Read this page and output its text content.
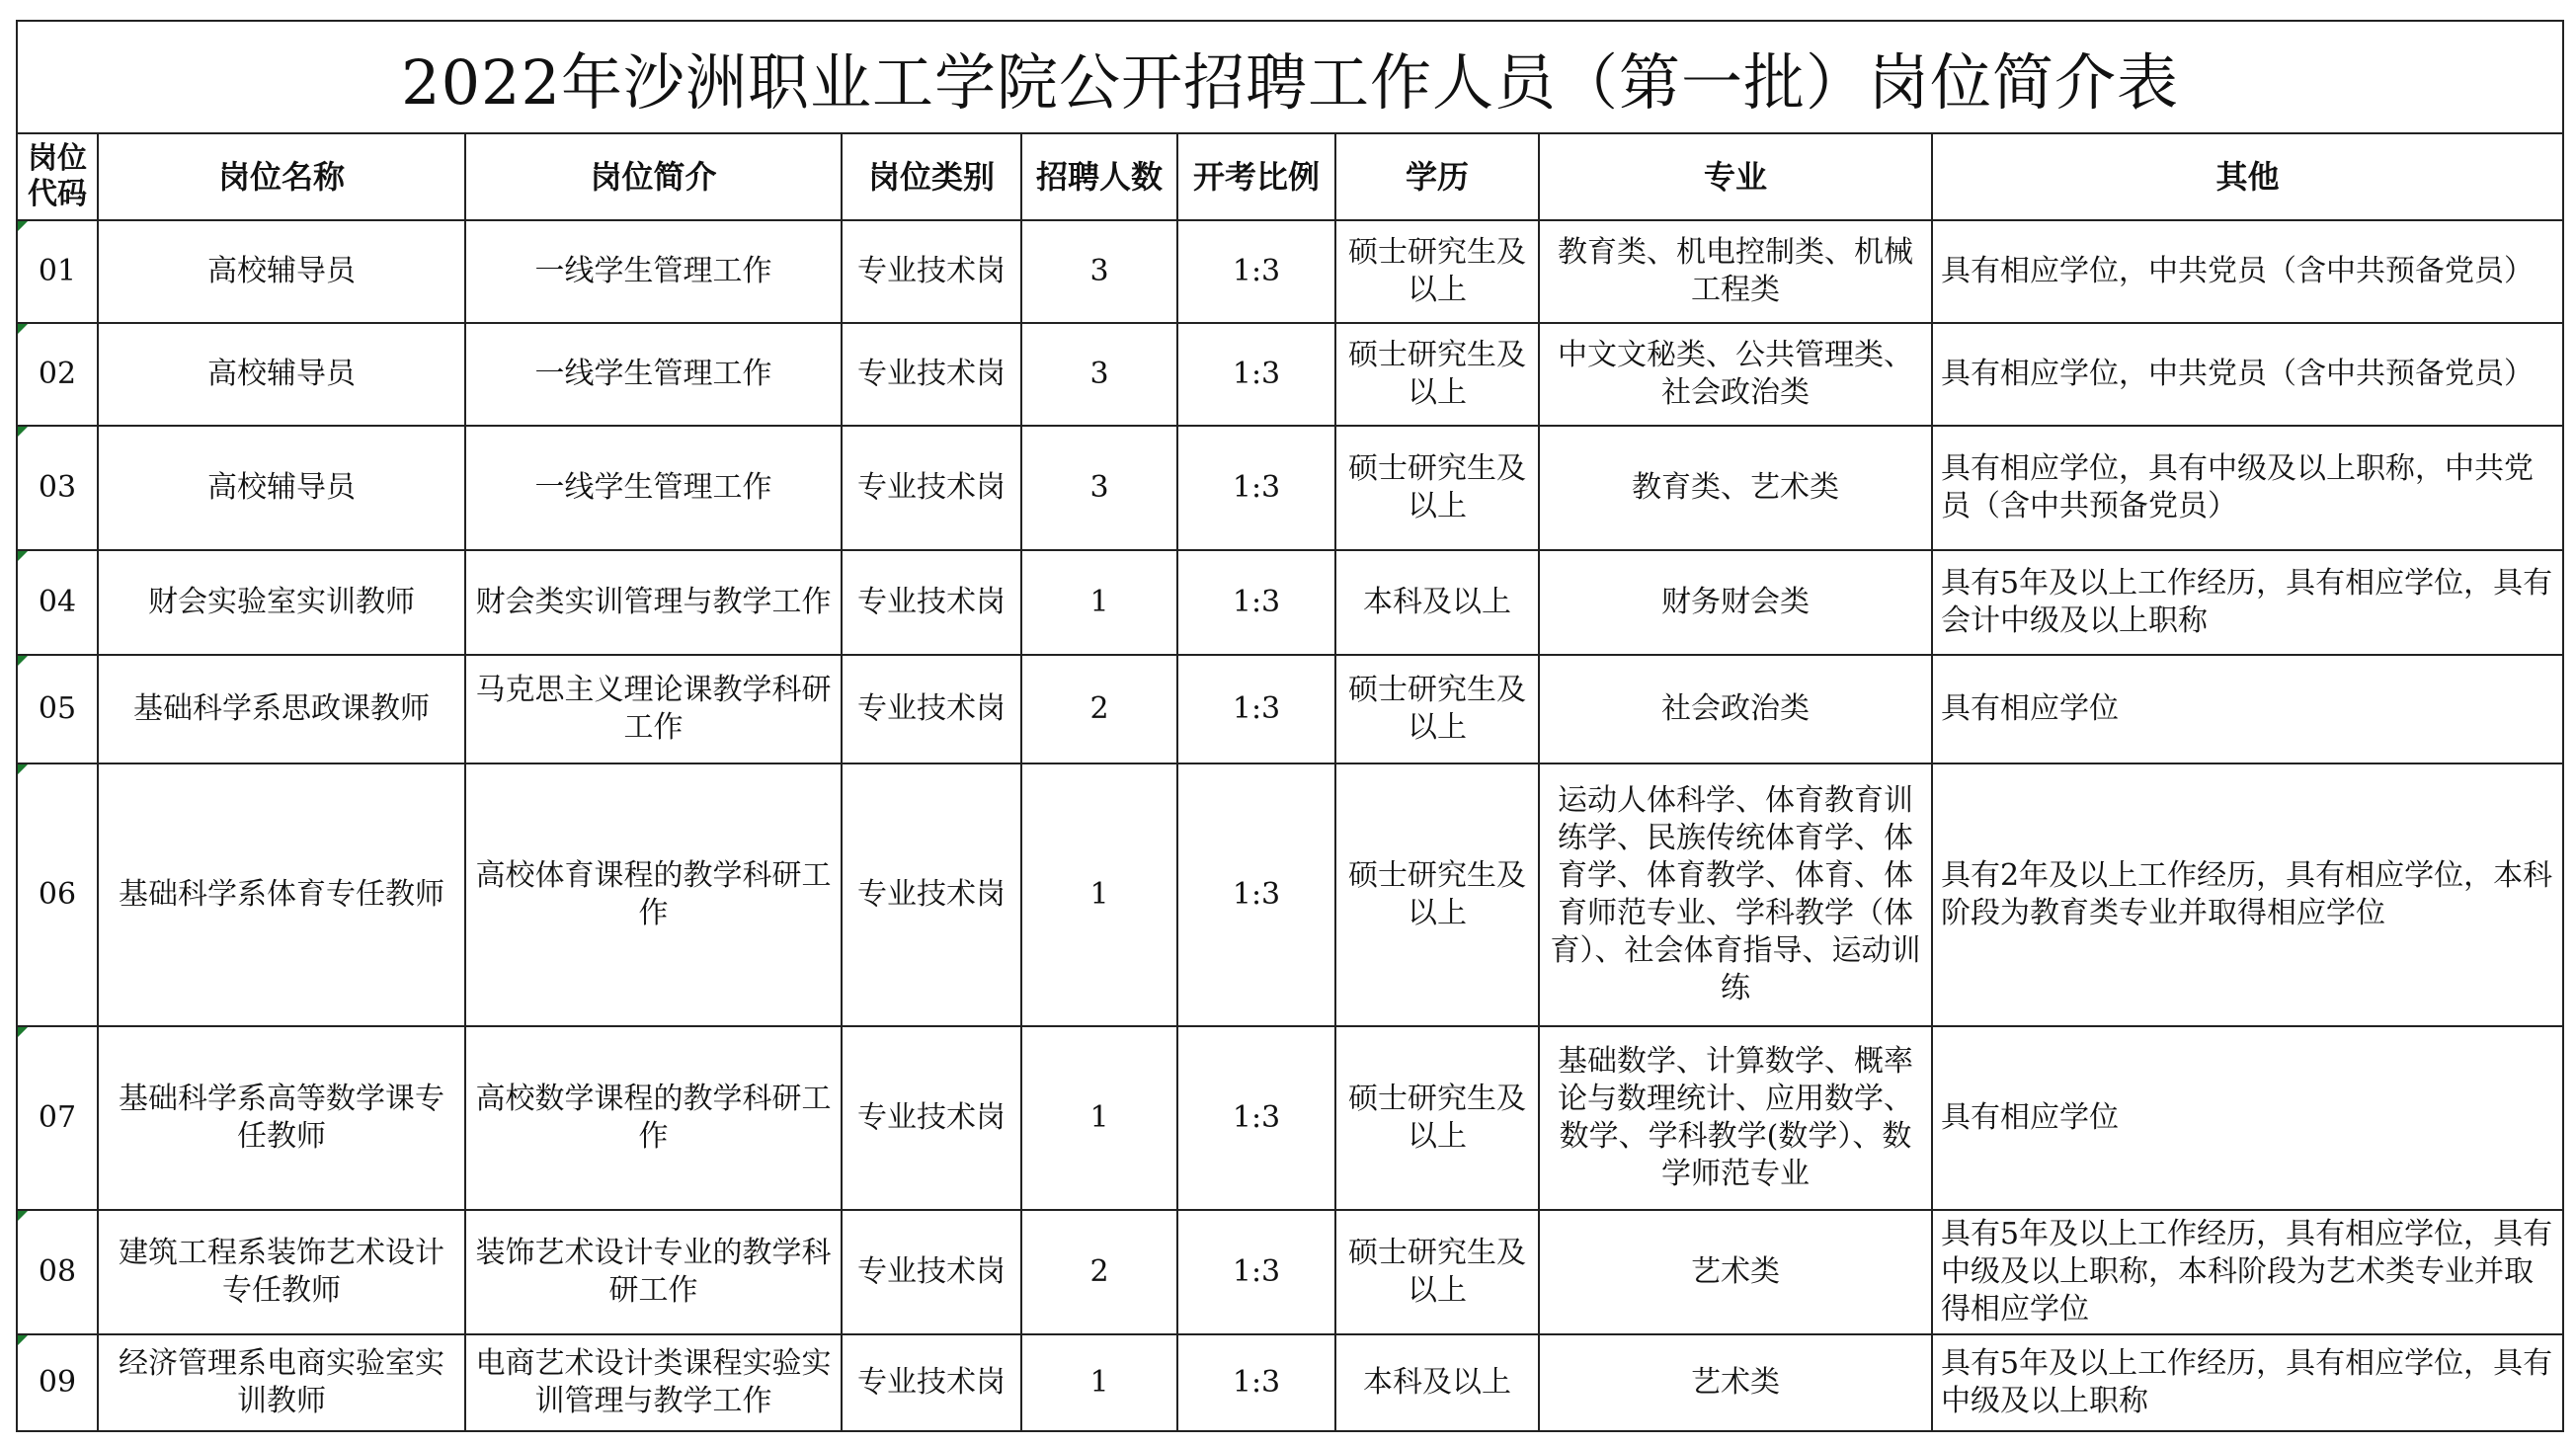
2022年沙洲职业工学院公开招聘工作人员（第一批）岗位简介表								
岗位代码	岗位名称	岗位简介	岗位类别	招聘人数	开考比例	学历	专业	其他
01	高校辅导员	一线学生管理工作	专业技术岗	3	1:3	硕士研究生及以上	教育类、机电控制类、机械工程类	具有相应学位，中共党员（含中共预备党员）
02	高校辅导员	一线学生管理工作	专业技术岗	3	1:3	硕士研究生及以上	中文文秘类、公共管理类、社会政治类	具有相应学位，中共党员（含中共预备党员）
03	高校辅导员	一线学生管理工作	专业技术岗	3	1:3	硕士研究生及以上	教育类、艺术类	具有相应学位，具有中级及以上职称，中共党员（含中共预备党员）
04	财会实验室实训教师	财会类实训管理与教学工作	专业技术岗	1	1:3	本科及以上	财务财会类	具有5年及以上工作经历，具有相应学位，具有会计中级及以上职称
05	基础科学系思政课教师	马克思主义理论课教学科研工作	专业技术岗	2	1:3	硕士研究生及以上	社会政治类	具有相应学位
06	基础科学系体育专任教师	高校体育课程的教学科研工作	专业技术岗	1	1:3	硕士研究生及以上	运动人体科学、体育教育训练学、民族传统体育学、体育学、体育教学、体育、体育师范专业、学科教学（体育）、社会体育指导、运动训练	具有2年及以上工作经历，具有相应学位，本科阶段为教育类专业并取得相应学位
07	基础科学系高等数学课专任教师	高校数学课程的教学科研工作	专业技术岗	1	1:3	硕士研究生及以上	基础数学、计算数学、概率论与数理统计、应用数学、数学、学科教学(数学）、数学师范专业	具有相应学位
08	建筑工程系装饰艺术设计专任教师	装饰艺术设计专业的教学科研工作	专业技术岗	2	1:3	硕士研究生及以上	艺术类	具有5年及以上工作经历，具有相应学位，具有中级及以上职称，本科阶段为艺术类专业并取得相应学位
09	经济管理系电商实验室实训教师	电商艺术设计类课程实验实训管理与教学工作	专业技术岗	1	1:3	本科及以上	艺术类	具有5年及以上工作经历，具有相应学位，具有中级及以上职称
